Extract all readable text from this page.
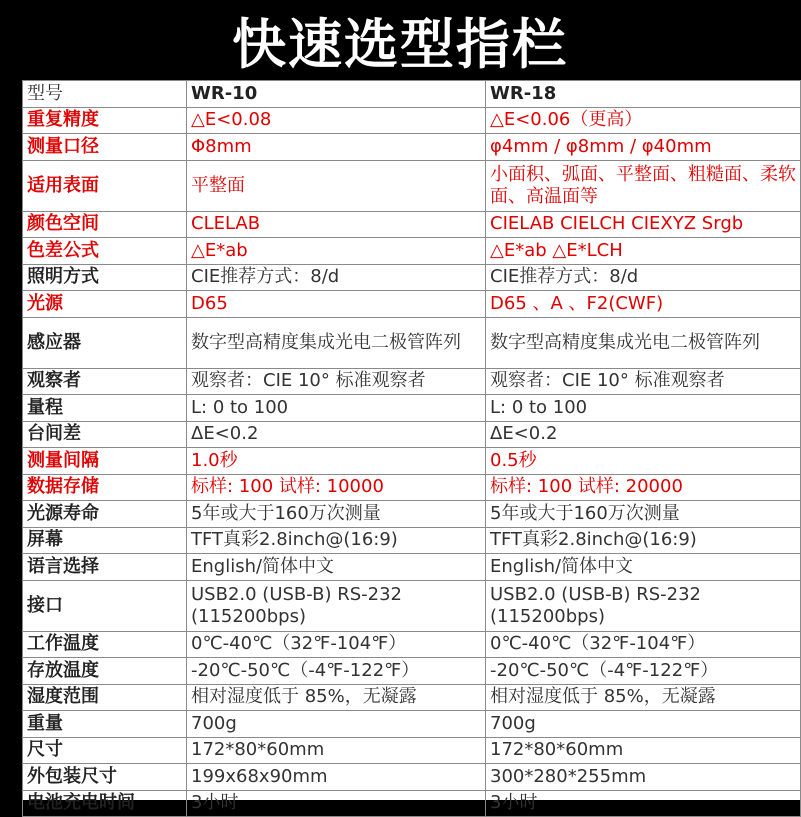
快速选型指栏
型号	WR-10	WR-18
重复精度	△E<0.08	△E<0.06（更高）
测量口径	Φ8mm	φ4mm / φ8mm / φ40mm
适用表面	平整面	小面积、弧面、平整面、粗糙面、柔软面、高温面等
颜色空间	CLELAB	CIELAB CIELCH CIEXYZ Srgb
色差公式	△E*ab	△E*ab △E*LCH
照明方式	CIE推荐方式：8/d	CIE推荐方式：8/d
光源	D65	D65 、A 、F2(CWF)
感应器	数字型高精度集成光电二极管阵列	数字型高精度集成光电二极管阵列
观察者	观察者：CIE 10° 标准观察者	观察者：CIE 10° 标准观察者
量程	L: 0 to 100	L: 0 to 100
台间差	ΔE<0.2	ΔE<0.2
测量间隔	1.0秒	0.5秒
数据存储	标样: 100 试样: 10000	标样: 100 试样: 20000
光源寿命	5年或大于160万次测量	5年或大于160万次测量
屏幕	TFT真彩2.8inch@(16:9)	TFT真彩2.8inch@(16:9)
语言选择	English/简体中文	English/简体中文
接口	USB2.0 (USB-B) RS-232 (115200bps)	USB2.0 (USB-B) RS-232 (115200bps)
工作温度	0℃-40℃（32℉-104℉）	0℃-40℃（32℉-104℉）
存放温度	-20℃-50℃（-4℉-122℉）	-20℃-50℃（-4℉-122℉）
湿度范围	相对湿度低于 85%，无凝露	相对湿度低于 85%，无凝露
重量	700g	700g
尺寸	172*80*60mm	172*80*60mm
外包装尺寸	199x68x90mm	300*280*255mm
电池充电时间	3小时	3小时
